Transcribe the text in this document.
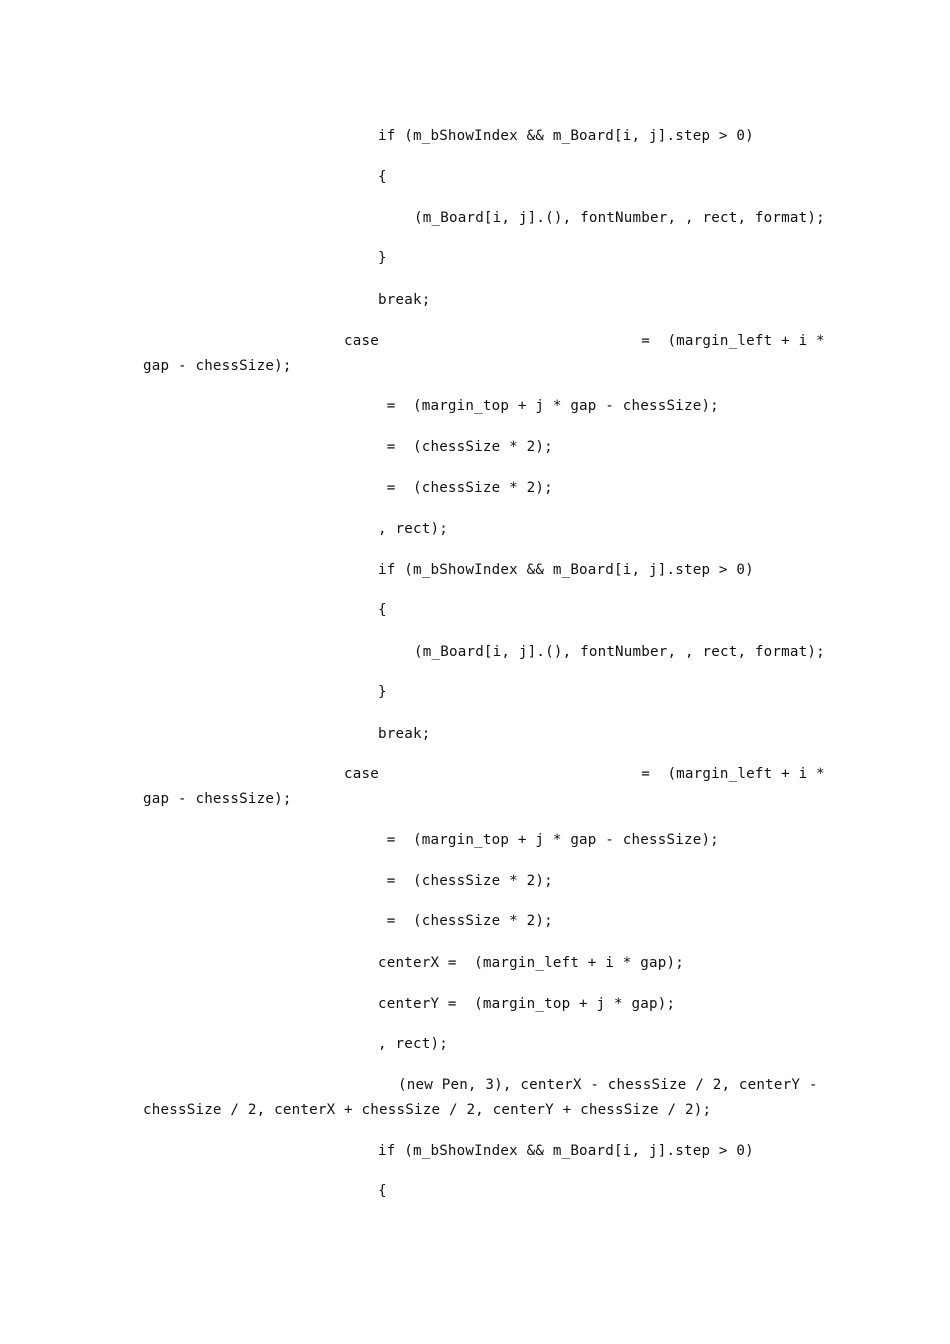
if (m_bShowIndex && m_Board[i, j].step > 0)
{
(m_Board[i, j].(), fontNumber, , rect, format);
}
break;
case                              =  (margin_left + i *
gap - chessSize);
=  (margin_top + j * gap - chessSize);
=  (chessSize * 2);
=  (chessSize * 2);
, rect);
if (m_bShowIndex && m_Board[i, j].step > 0)
{
(m_Board[i, j].(), fontNumber, , rect, format);
}
break;
case                              =  (margin_left + i *
gap - chessSize);
=  (margin_top + j * gap - chessSize);
=  (chessSize * 2);
=  (chessSize * 2);
centerX =  (margin_left + i * gap);
centerY =  (margin_top + j * gap);
, rect);
(new Pen, 3), centerX - chessSize / 2, centerY -
chessSize / 2, centerX + chessSize / 2, centerY + chessSize / 2);
if (m_bShowIndex && m_Board[i, j].step > 0)
{
